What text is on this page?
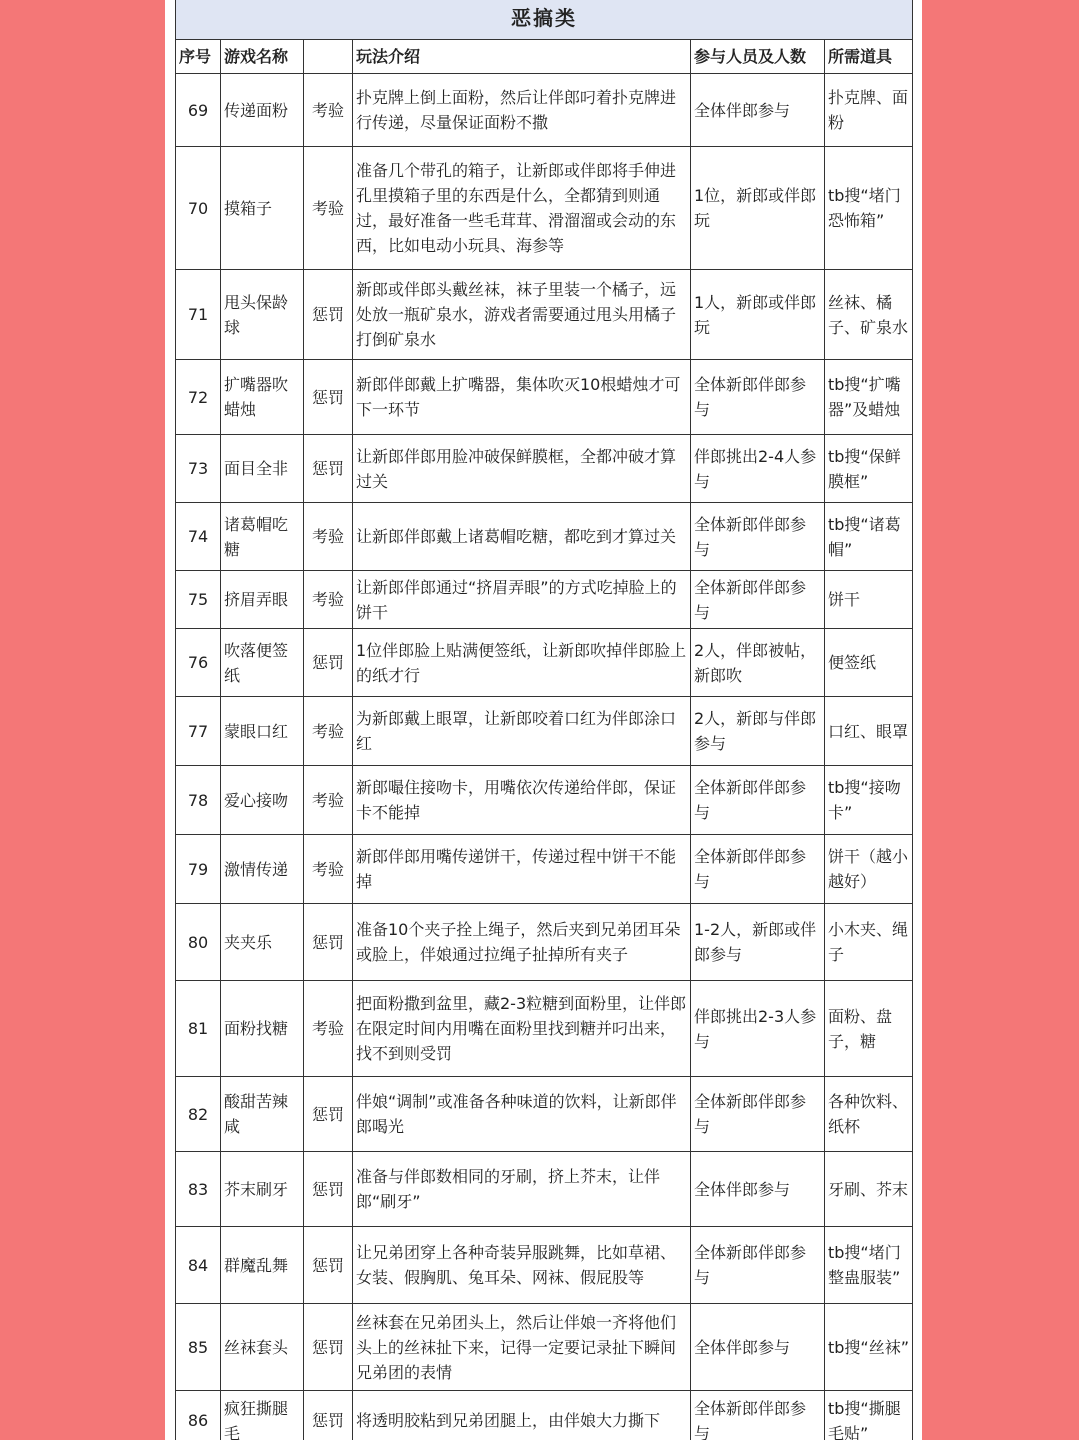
恶搞类					
序号	游戏名称		玩法介绍	参与人员及人数	所需道具
69	传递面粉	考验	扑克牌上倒上面粉，然后让伴郎叼着扑克牌进行传递，尽量保证面粉不撒	全体伴郎参与	扑克牌、面粉
70	摸箱子	考验	准备几个带孔的箱子，让新郎或伴郎将手伸进孔里摸箱子里的东西是什么，全都猜到则通过，最好准备一些毛茸茸、滑溜溜或会动的东西，比如电动小玩具、海参等	1位，新郎或伴郎玩	tb搜“堵门恐怖箱”
71	甩头保龄球	惩罚	新郎或伴郎头戴丝袜，袜子里装一个橘子，远处放一瓶矿泉水，游戏者需要通过甩头用橘子打倒矿泉水	1人，新郎或伴郎玩	丝袜、橘子、矿泉水
72	扩嘴器吹蜡烛	惩罚	新郎伴郎戴上扩嘴器，集体吹灭10根蜡烛才可下一环节	全体新郎伴郎参与	tb搜“扩嘴器”及蜡烛
73	面目全非	惩罚	让新郎伴郎用脸冲破保鲜膜框，全都冲破才算过关	伴郎挑出2-4人参与	tb搜“保鲜膜框”
74	诸葛帽吃糖	考验	让新郎伴郎戴上诸葛帽吃糖，都吃到才算过关	全体新郎伴郎参与	tb搜“诸葛帽”
75	挤眉弄眼	考验	让新郎伴郎通过“挤眉弄眼”的方式吃掉脸上的饼干	全体新郎伴郎参与	饼干
76	吹落便签纸	惩罚	1位伴郎脸上贴满便签纸，让新郎吹掉伴郎脸上的纸才行	2人，伴郎被帖，新郎吹	便签纸
77	蒙眼口红	考验	为新郎戴上眼罩，让新郎咬着口红为伴郎涂口红	2人，新郎与伴郎参与	口红、眼罩
78	爱心接吻	考验	新郎嘬住接吻卡，用嘴依次传递给伴郎，保证卡不能掉	全体新郎伴郎参与	tb搜“接吻卡”
79	激情传递	考验	新郎伴郎用嘴传递饼干，传递过程中饼干不能掉	全体新郎伴郎参与	饼干（越小越好）
80	夹夹乐	惩罚	准备10个夹子拴上绳子，然后夹到兄弟团耳朵或脸上，伴娘通过拉绳子扯掉所有夹子	1-2人，新郎或伴郎参与	小木夹、绳子
81	面粉找糖	考验	把面粉撒到盆里，藏2-3粒糖到面粉里，让伴郎在限定时间内用嘴在面粉里找到糖并叼出来，找不到则受罚	伴郎挑出2-3人参与	面粉、盘子，糖
82	酸甜苦辣咸	惩罚	伴娘“调制”或准备各种味道的饮料，让新郎伴郎喝光	全体新郎伴郎参与	各种饮料、纸杯
83	芥末刷牙	惩罚	准备与伴郎数相同的牙刷，挤上芥末，让伴郎“刷牙”	全体伴郎参与	牙刷、芥末
84	群魔乱舞	惩罚	让兄弟团穿上各种奇装异服跳舞，比如草裙、女装、假胸肌、兔耳朵、网袜、假屁股等	全体新郎伴郎参与	tb搜“堵门整蛊服装”
85	丝袜套头	惩罚	丝袜套在兄弟团头上，然后让伴娘一齐将他们头上的丝袜扯下来，记得一定要记录扯下瞬间兄弟团的表情	全体伴郎参与	tb搜“丝袜”
86	疯狂撕腿毛	惩罚	将透明胶粘到兄弟团腿上，由伴娘大力撕下	全体新郎伴郎参与	tb搜“撕腿毛贴”
